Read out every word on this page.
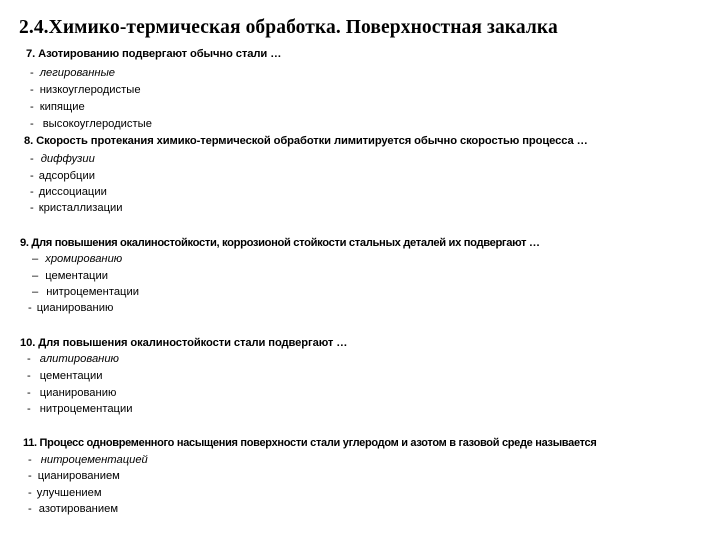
2.4.Химико-термическая обработка. Поверхностная закалка
7. Азотированию подвергают обычно стали …
- легированные
- низкоуглеродистые
- кипящие
- высокоуглеродистые
8. Скорость протекания химико-термической обработки лимитируется обычно скоростью процесса …
- диффузии
- адсорбции
- диссоциации
- кристаллизации
9. Для повышения окалиностойкости, коррозионой стойкости стальных деталей их подвергают …
– хромированию
– цементации
– нитроцементации
- цианированию
10. Для повышения окалиностойкости стали подвергают …
- алитированию
- цементации
- цианированию
- нитроцементации
11. Процесс одновременного насыщения поверхности стали углеродом и азотом в газовой среде называется
- нитроцементацией
- цианированием
- улучшением
- азотированием
